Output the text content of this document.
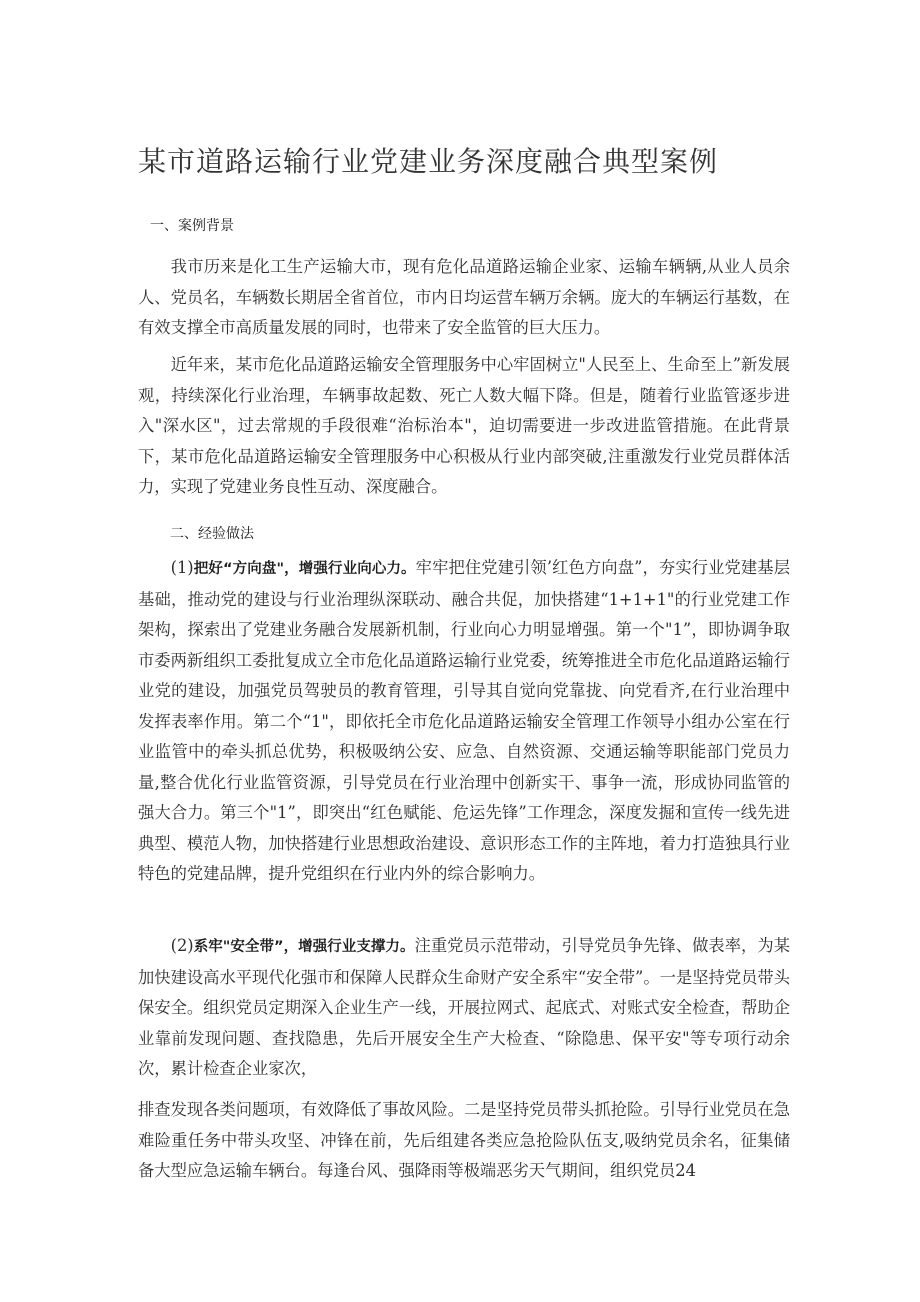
某市道路运输行业党建业务深度融合典型案例
一、案例背景

我市历来是化工生产运输大市，现有危化品道路运输企业家、运输车辆辆,从业人员余人、党员名，车辆数长期居全省首位，市内日均运营车辆万余辆。庞大的车辆运行基数，在有效支撑全市高质量发展的同时，也带来了安全监管的巨大压力。

近年来，某市危化品道路运输安全管理服务中心牢固树立"人民至上、生命至上”新发展观，持续深化行业治理，车辆事故起数、死亡人数大幅下降。但是，随着行业监管逐步进入"深水区"，过去常规的手段很难“治标治本"，迫切需要进一步改进监管措施。在此背景下，某市危化品道路运输安全管理服务中心积极从行业内部突破,注重激发行业党员群体活力，实现了党建业务良性互动、深度融合。

二、经验做法

(1)把好“方向盘"，增强行业向心力。牢牢把住党建引领’红色方向盘”，夯实行业党建基层基础，推动党的建设与行业治理纵深联动、融合共促，加快搭建“1+1+1"的行业党建工作架构，探索出了党建业务融合发展新机制，行业向心力明显增强。第一个"1”，即协调争取市委两新组织工委批复成立全市危化品道路运输行业党委，统筹推进全市危化品道路运输行业党的建设，加强党员驾驶员的教育管理，引导其自觉向党靠拢、向党看齐,在行业治理中发挥表率作用。第二个“1"，即依托全市危化品道路运输安全管理工作领导小组办公室在行业监管中的牵头抓总优势，积极吸纳公安、应急、自然资源、交通运输等职能部门党员力量,整合优化行业监管资源，引导党员在行业治理中创新实干、事争一流，形成协同监管的强大合力。第三个"1”，即突出“红色赋能、危运先锋”工作理念，深度发掘和宣传一线先进典型、模范人物，加快搭建行业思想政治建设、意识形态工作的主阵地，着力打造独具行业特色的党建品牌，提升党组织在行业内外的综合影响力。

(2)系牢"安全带”，增强行业支撑力。注重党员示范带动，引导党员争先锋、做表率，为某加快建设高水平现代化强市和保障人民群众生命财产安全系牢“安全带”。一是坚持党员带头保安全。组织党员定期深入企业生产一线，开展拉网式、起底式、对账式安全检查，帮助企业靠前发现问题、查找隐患，先后开展安全生产大检查、“除隐患、保平安"等专项行动余次，累计检查企业家次，

排查发现各类问题项，有效降低了事故风险。二是坚持党员带头抓抢险。引导行业党员在急难险重任务中带头攻坚、冲锋在前，先后组建各类应急抢险队伍支,吸纳党员余名，征集储备大型应急运输车辆台。每逢台风、强降雨等极端恶劣天气期间，组织党员24
